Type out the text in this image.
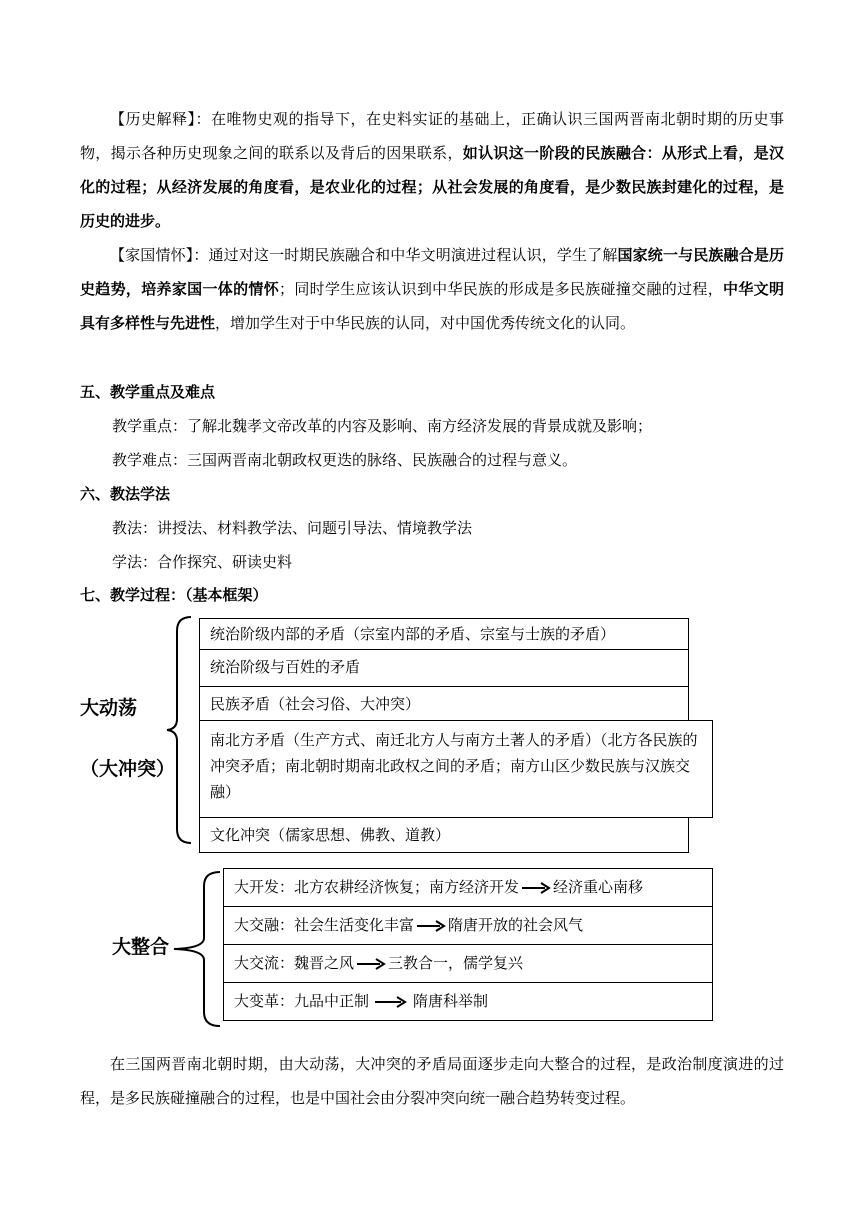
【历史解释】：在唯物史观的指导下，在史料实证的基础上，正确认识三国两晋南北朝时期的历史事物，揭示各种历史现象之间的联系以及背后的因果联系，如认识这一阶段的民族融合：从形式上看，是汉化的过程；从经济发展的角度看，是农业化的过程；从社会发展的角度看，是少数民族封建化的过程，是历史的进步。

【家国情怀】：通过对这一时期民族融合和中华文明演进过程认识，学生了解国家统一与民族融合是历史趋势，培养家国一体的情怀；同时学生应该认识到中华民族的形成是多民族碰撞交融的过程，中华文明具有多样性与先进性，增加学生对于中华民族的认同，对中国优秀传统文化的认同。

五、教学重点及难点

教学重点：了解北魏孝文帝改革的内容及影响、南方经济发展的背景成就及影响；

教学难点：三国两晋南北朝政权更迭的脉络、民族融合的过程与意义。

六、教法学法

教法：讲授法、材料教学法、问题引导法、情境教学法

学法：合作探究、研读史料

七、教学过程：（基本框架）

大动荡
（大冲突）
统治阶级内部的矛盾（宗室内部的矛盾、宗室与士族的矛盾）
统治阶级与百姓的矛盾
民族矛盾（社会习俗、大冲突）
南北方矛盾（生产方式、南迁北方人与南方土著人的矛盾）（北方各民族的冲突矛盾；南北朝时期南北政权之间的矛盾；南方山区少数民族与汉族交融）
文化冲突（儒家思想、佛教、道教）
大整合
大开发：北方农耕经济恢复；南方经济开发 经济重心南移
大交融：社会生活变化丰富 隋唐开放的社会风气
大交流：魏晋之风 三教合一，儒学复兴
大变革：九品中正制	隋唐科举制

在三国两晋南北朝时期，由大动荡，大冲突的矛盾局面逐步走向大整合的过程，是政治制度演进的过程，是多民族碰撞融合的过程，也是中国社会由分裂冲突向统一融合趋势转变过程。
